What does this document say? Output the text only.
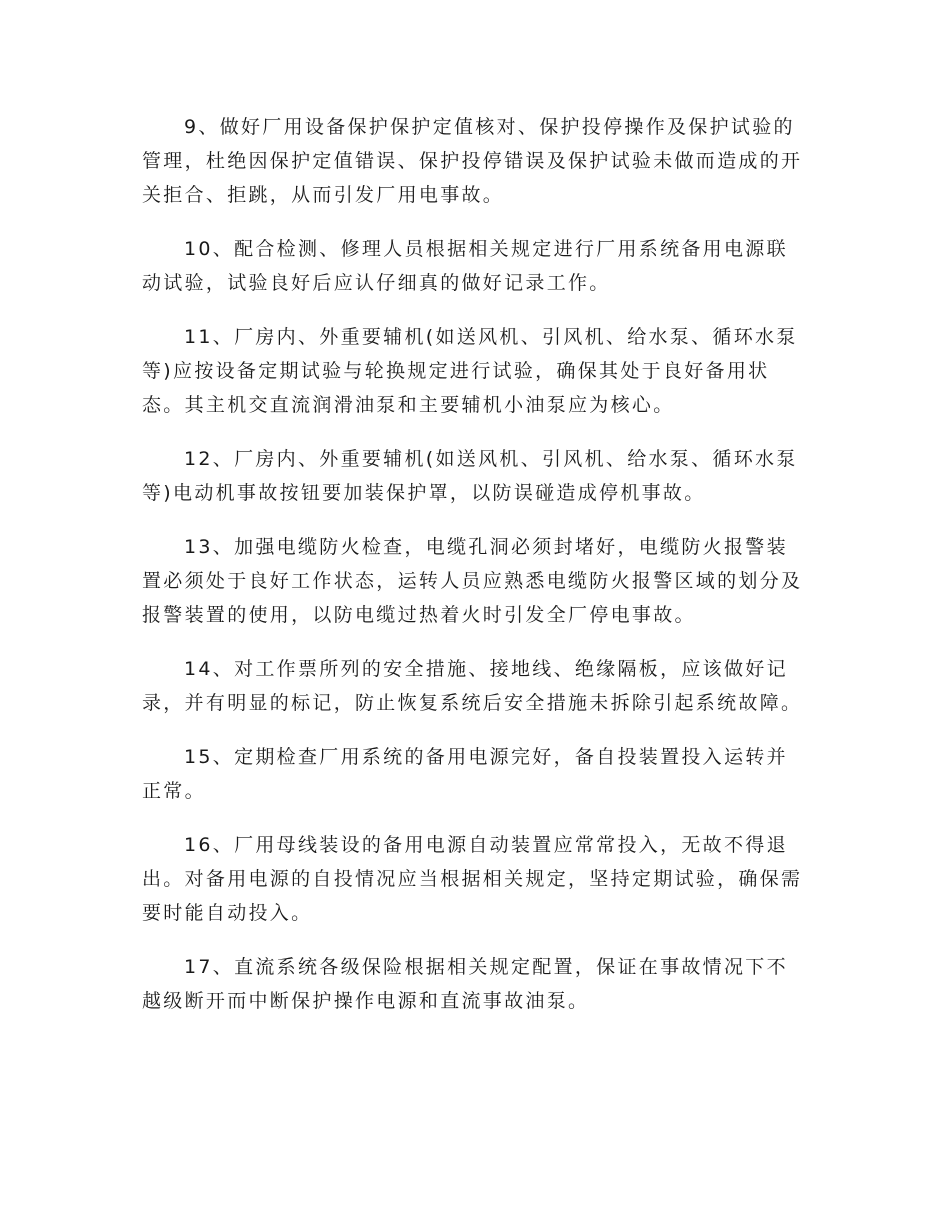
9、做好厂用设备保护保护定值核对、保护投停操作及保护试验的管理，杜绝因保护定值错误、保护投停错误及保护试验未做而造成的开关拒合、拒跳，从而引发厂用电事故。

10、配合检测、修理人员根据相关规定进行厂用系统备用电源联动试验，试验良好后应认仔细真的做好记录工作。

11、厂房内、外重要辅机(如送风机、引风机、给水泵、循环水泵等)应按设备定期试验与轮换规定进行试验，确保其处于良好备用状态。其主机交直流润滑油泵和主要辅机小油泵应为核心。

12、厂房内、外重要辅机(如送风机、引风机、给水泵、循环水泵等)电动机事故按钮要加装保护罩，以防误碰造成停机事故。

13、加强电缆防火检查，电缆孔洞必须封堵好，电缆防火报警装置必须处于良好工作状态，运转人员应熟悉电缆防火报警区域的划分及报警装置的使用，以防电缆过热着火时引发全厂停电事故。

14、对工作票所列的安全措施、接地线、绝缘隔板，应该做好记录，并有明显的标记，防止恢复系统后安全措施未拆除引起系统故障。

15、定期检查厂用系统的备用电源完好，备自投装置投入运转并正常。

16、厂用母线装设的备用电源自动装置应常常投入，无故不得退出。对备用电源的自投情况应当根据相关规定，坚持定期试验，确保需要时能自动投入。

17、直流系统各级保险根据相关规定配置，保证在事故情况下不越级断开而中断保护操作电源和直流事故油泵。
